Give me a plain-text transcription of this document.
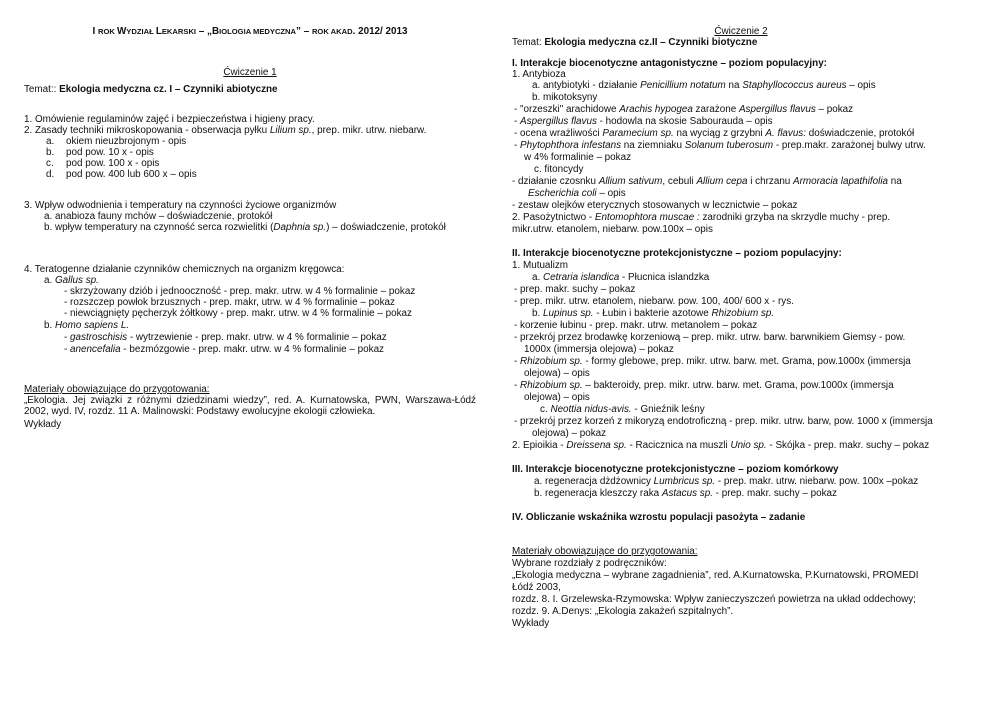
I ROK WYDZIAŁ LEKARSKI – „BIOLOGIA MEDYCZNA” – ROK AKAD. 2012/ 2013
Ćwiczenie 1
Temat:: Ekologia medyczna cz. I – Czynniki abiotyczne
1. Omówienie regulaminów zajęć i bezpieczeństwa i higieny pracy.
2. Zasady techniki mikroskopowania - obserwacja pyłku Lilium sp., prep. mikr. utrw. niebarw.
a. okiem nieuzbrojonym - opis
b. pod pow. 10 x - opis
c. pod pow. 100 x - opis
d. pod pow. 400 lub 600 x – opis
3. Wpływ odwodnienia i temperatury na czynności życiowe organizmów
a. anabioza fauny mchów – doświadczenie, protokół
b. wpływ temperatury na czynność serca rozwielitki (Daphnia sp.) – doświadczenie, protokół
4. Teratogenne działanie czynników chemicznych na organizm kręgowca:
a. Gallus sp.
- skrzyżowany dziób i jednooczność - prep. makr. utrw. w 4 % formalinie – pokaz
- rozszczep powłok brzusznych - prep. makr, utrw. w 4 % formalinie – pokaz
- niewciągnięty pęcherzyk żółtkowy - prep. makr. utrw. w 4 % formalinie – pokaz
b. Homo sapiens L.
- gastroschisis - wytrzewienie - prep. makr. utrw. w 4 % formalinie – pokaz
- anencefalia - bezmózgowie - prep. makr. utrw. w 4 % formalinie – pokaz
Materiały obowiązujące do przygotowania:
„Ekologia. Jej związki z różnymi dziedzinami wiedzy”, red. A. Kurnatowska, PWN, Warszawa-Łódź 2002, wyd. IV, rozdz. 11 A. Malinowski: Podstawy ewolucyjne ekologii człowieka.
Wykłady
Ćwiczenie 2
Temat: Ekologia medyczna cz.II – Czynniki biotyczne
I. Interakcje biocenotyczne antagonistyczne – poziom populacyjny:
1. Antybioza
a. antybiotyki - działanie Penicillium notatum na Staphyllococcus aureus – opis
b. mikotoksyny
- "orzeszki" arachidowe Arachis hypogea zarażone Aspergillus flavus – pokaz
- Aspergillus flavus - hodowla na skosie Sabourauda – opis
- ocena wrażliwości Paramecium sp. na wyciąg z grzybni A. flavus: doświadczenie, protokół
- Phytophthora infestans na ziemniaku Solanum tuberosum - prep.makr. zarażonej bulwy utrw.
w 4% formalinie – pokaz
c. fitoncydy
- działanie czosnku Allium sativum, cebuli Allium cepa i chrzanu Armoracia lapathifolia na
Escherichia coli – opis
- zestaw olejków eterycznych stosowanych w lecznictwie – pokaz
2. Pasożytnictwo - Entomophtora muscae : zarodniki grzyba na skrzydle muchy - prep.
mikr.utrw. etanolem, niebarw. pow.100x – opis
II. Interakcje biocenotyczne protekcjonistyczne – poziom populacyjny:
1. Mutualizm
a. Cetraria islandica - Płucnica islandzka
- prep. makr. suchy – pokaz
- prep. mikr. utrw. etanolem, niebarw. pow. 100, 400/ 600 x - rys.
b. Lupinus sp. - Łubin i bakterie azotowe Rhizobium sp.
- korzenie łubinu - prep. makr. utrw. metanolem – pokaz
- przekrój przez brodawkę korzeniową – prep. mikr. utrw. barw. barwnikiem Giemsy - pow.
1000x (immersja olejowa) – pokaz
- Rhizobium sp. - formy glebowe, prep. mikr. utrw. barw. met. Grama, pow.1000x (immersja
olejowa) – opis
- Rhizobium sp. – bakteroidy, prep. mikr. utrw. barw. met. Grama, pow.1000x (immersja
olejowa) – opis
c. Neottia nidus-avis. - Gnieźnik leśny
- przekrój przez korzeń z mikoryzą endotroficzną - prep. mikr. utrw. barw, pow. 1000 x (immersja
olejowa) – pokaz
2. Epioikia - Dreissena sp. - Racicznica na muszli Unio sp. - Skójka - prep. makr. suchy – pokaz
III. Interakcje biocenotyczne protekcjonistyczne – poziom komórkowy
a. regeneracja dżdżownicy Lumbricus sp. - prep. makr. utrw. niebarw. pow. 100x –pokaz
b. regeneracja kleszczy raka Astacus sp. - prep. makr. suchy – pokaz
IV. Obliczanie wskaźnika wzrostu populacji pasożyta – zadanie
Materiały obowiązujące do przygotowania:
Wybrane rozdziały z podręczników:
„Ekologia medyczna – wybrane zagadnienia”, red. A.Kurnatowska, P.Kurnatowski, PROMEDI
Łódź 2003,
rozdz. 8. I. Grzelewska-Rzymowska: Wpływ zanieczyszczeń powietrza na układ oddechowy;
rozdz. 9. A.Denys: „Ekologia zakażeń szpitalnych”.
Wykłady
